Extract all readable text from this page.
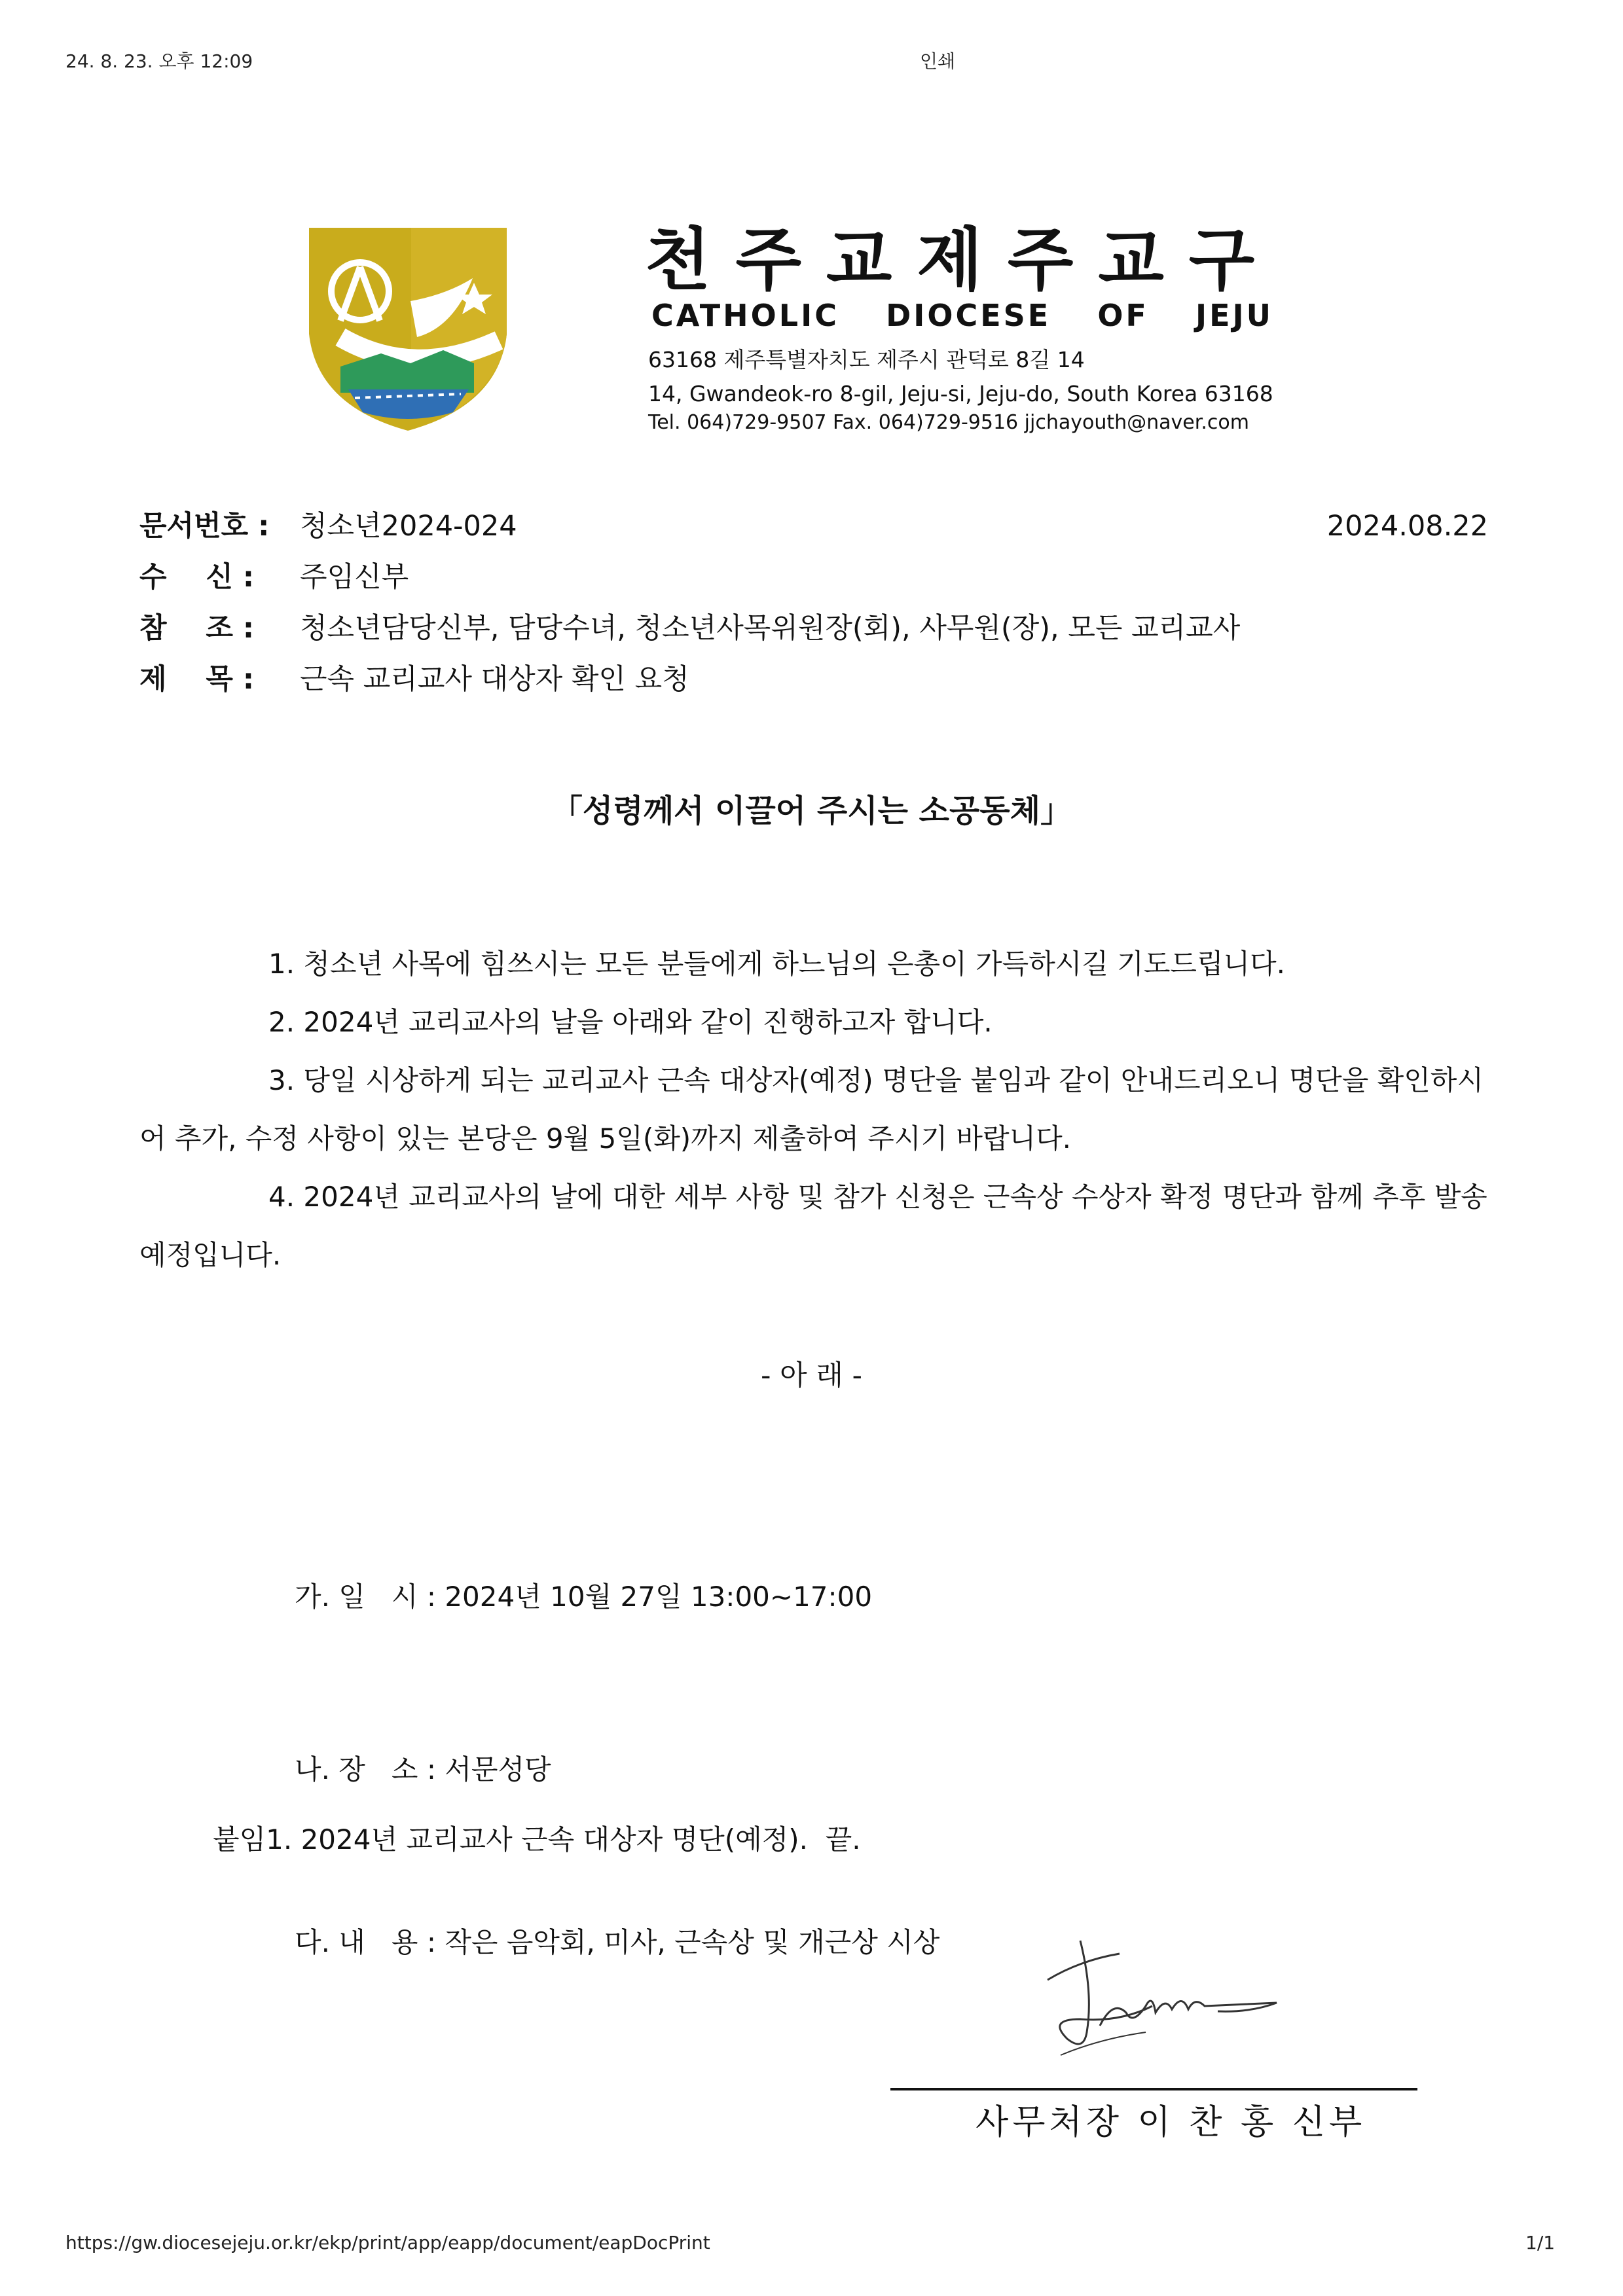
24. 8. 23. 오후 12:09	인쇄
천주교제주교구
CATHOLIC DIOCESE OF JEJU
63168 제주특별자치도 제주시 관덕로 8길 14
14, Gwandeok-ro 8-gil, Jeju-si, Jeju-do, South Korea 63168
Tel. 064)729-9507 Fax. 064)729-9516 jjchayouth@naver.com
문서번호 :	청소년2024-024	2024.08.22
수    신 :	주임신부
참    조 :	청소년담당신부, 담당수녀, 청소년사목위원장(회), 사무원(장), 모든 교리교사
제    목 :	근속 교리교사 대상자 확인 요청
「성령께서 이끌어 주시는 소공동체」

1. 청소년 사목에 힘쓰시는 모든 분들에게 하느님의 은총이 가득하시길 기도드립니다.

2. 2024년 교리교사의 날을 아래와 같이 진행하고자 합니다.

3. 당일 시상하게 되는 교리교사 근속 대상자(예정) 명단을 붙임과 같이 안내드리오니 명단을 확인하시어 추가, 수정 사항이 있는 본당은 9월 5일(화)까지 제출하여 주시기 바랍니다.

4. 2024년 교리교사의 날에 대한 세부 사항 및 참가 신청은 근속상 수상자 확정 명단과 함께 추후 발송 예정입니다.

- 아 래 -

가. 일   시 : 2024년 10월 27일 13:00~17:00

나. 장   소 : 서문성당

다. 내   용 : 작은 음악회, 미사, 근속상 및 개근상 시상

붙임1. 2024년 교리교사 근속 대상자 명단(예정).  끝.
사무처장 이 찬 홍 신부
https://gw.diocesejeju.or.kr/ekp/print/app/eapp/document/eapDocPrint	1/1
